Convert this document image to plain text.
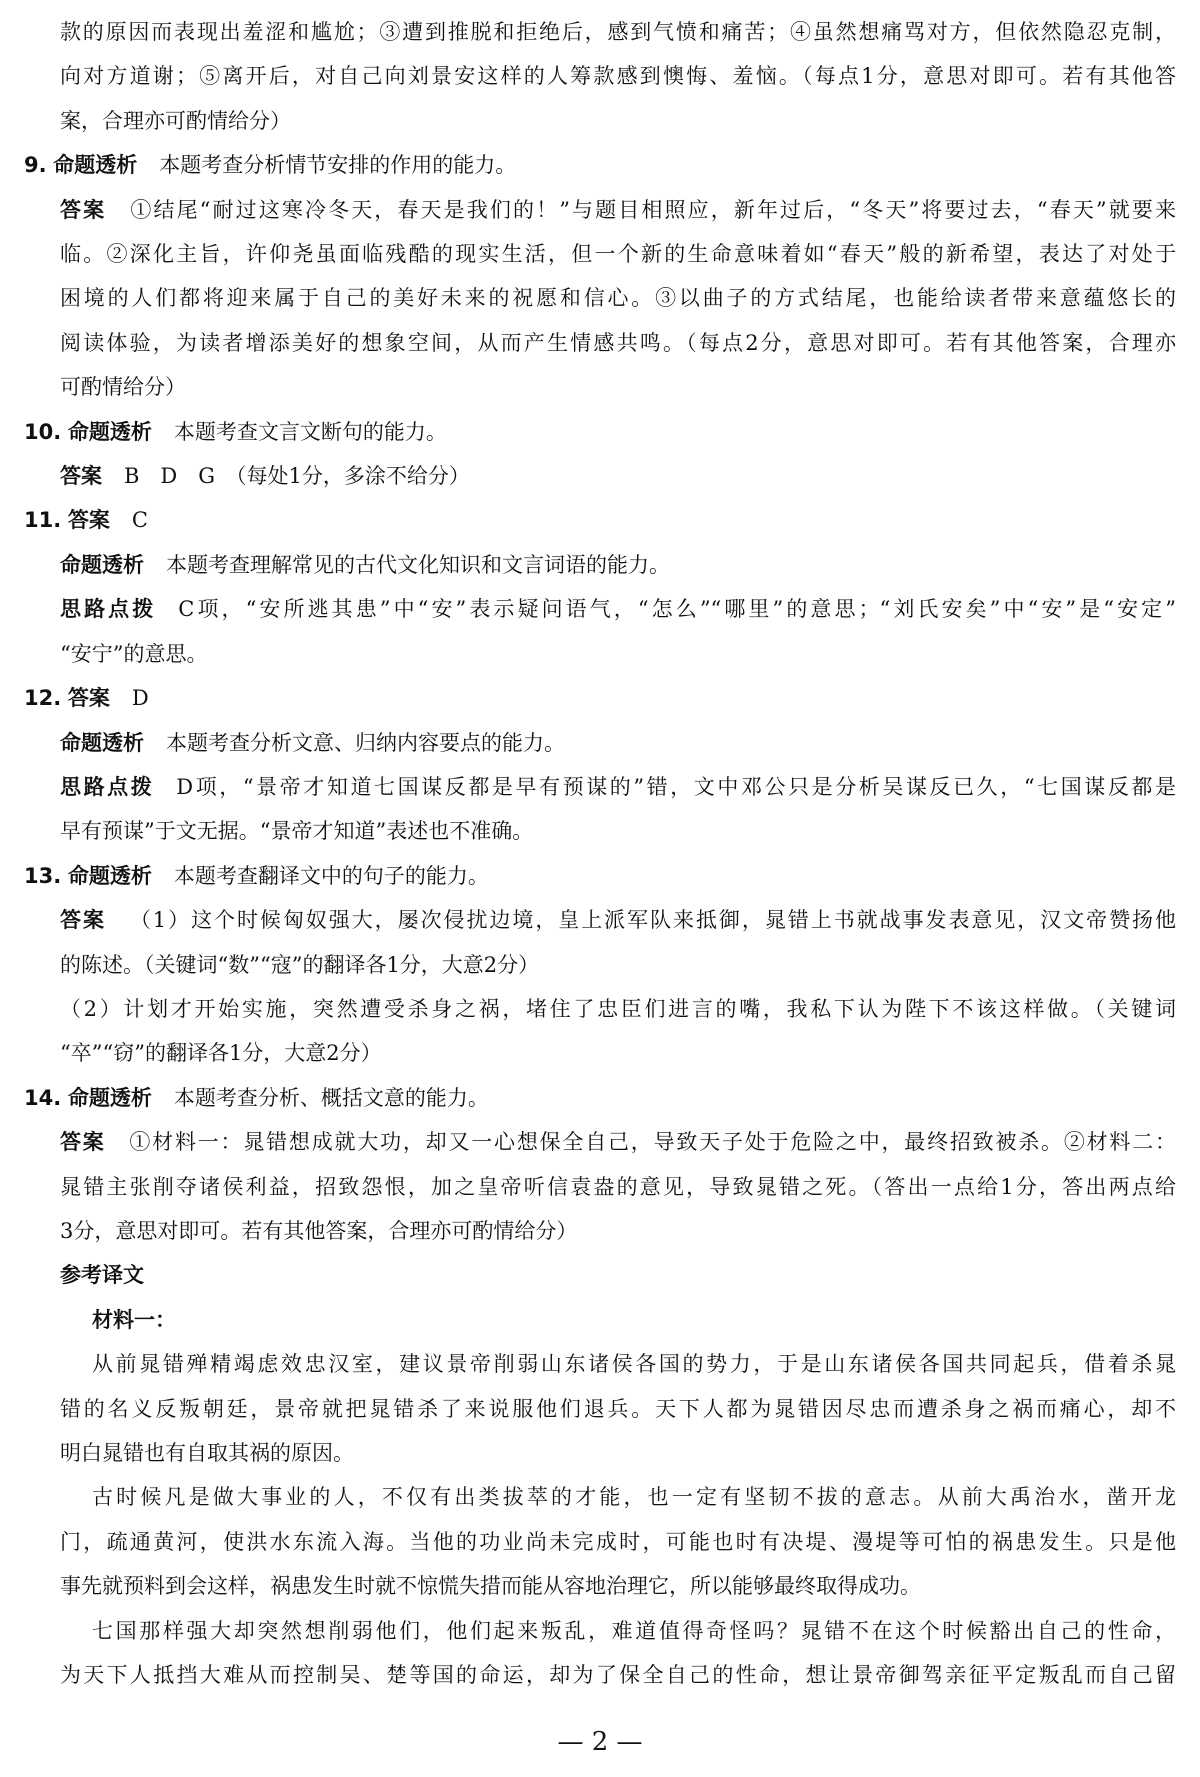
款的原因而表现出羞涩和尴尬；③遭到推脱和拒绝后，感到气愤和痛苦；④虽然想痛骂对方，但依然隐忍克制，
向对方道谢；⑤离开后，对自己向刘景安这样的人筹款感到懊悔、羞恼。（每点1分，意思对即可。若有其他答
案，合理亦可酌情给分）
9. 命题透析 本题考查分析情节安排的作用的能力。
答案 ①结尾“耐过这寒冷冬天，春天是我们的！”与题目相照应，新年过后，“冬天”将要过去，“春天”就要来
临。②深化主旨，许仰尧虽面临残酷的现实生活，但一个新的生命意味着如“春天”般的新希望，表达了对处于
困境的人们都将迎来属于自己的美好未来的祝愿和信心。③以曲子的方式结尾，也能给读者带来意蕴悠长的
阅读体验，为读者增添美好的想象空间，从而产生情感共鸣。（每点2分，意思对即可。若有其他答案，合理亦
可酌情给分）
10. 命题透析 本题考查文言文断句的能力。
答案 B　D　G　（每处1分，多涂不给分）
11. 答案 C
命题透析 本题考查理解常见的古代文化知识和文言词语的能力。
思路点拨 C项，“安所逃其患”中“安”表示疑问语气，“怎么”“哪里”的意思；“刘氏安矣”中“安”是“安定”
“安宁”的意思。
12. 答案 D
命题透析 本题考查分析文意、归纳内容要点的能力。
思路点拨 D项，“景帝才知道七国谋反都是早有预谋的”错，文中邓公只是分析吴谋反已久，“七国谋反都是
早有预谋”于文无据。“景帝才知道”表述也不准确。
13. 命题透析 本题考查翻译文中的句子的能力。
答案 （1）这个时候匈奴强大，屡次侵扰边境，皇上派军队来抵御，晁错上书就战事发表意见，汉文帝赞扬他
的陈述。（关键词“数”“寇”的翻译各1分，大意2分）
（2）计划才开始实施，突然遭受杀身之祸，堵住了忠臣们进言的嘴，我私下认为陛下不该这样做。（关键词
“卒”“窃”的翻译各1分，大意2分）
14. 命题透析 本题考查分析、概括文意的能力。
答案 ①材料一：晁错想成就大功，却又一心想保全自己，导致天子处于危险之中，最终招致被杀。②材料二：
晁错主张削夺诸侯利益，招致怨恨，加之皇帝听信袁盎的意见，导致晁错之死。（答出一点给1分，答出两点给
3分，意思对即可。若有其他答案，合理亦可酌情给分）
参考译文
材料一：
从前晁错殚精竭虑效忠汉室，建议景帝削弱山东诸侯各国的势力，于是山东诸侯各国共同起兵，借着杀晁
错的名义反叛朝廷，景帝就把晁错杀了来说服他们退兵。天下人都为晁错因尽忠而遭杀身之祸而痛心，却不
明白晁错也有自取其祸的原因。
古时候凡是做大事业的人，不仅有出类拔萃的才能，也一定有坚韧不拔的意志。从前大禹治水，凿开龙
门，疏通黄河，使洪水东流入海。当他的功业尚未完成时，可能也时有决堤、漫堤等可怕的祸患发生。只是他
事先就预料到会这样，祸患发生时就不惊慌失措而能从容地治理它，所以能够最终取得成功。
七国那样强大却突然想削弱他们，他们起来叛乱，难道值得奇怪吗？晁错不在这个时候豁出自己的性命，
为天下人抵挡大难从而控制吴、楚等国的命运，却为了保全自己的性命，想让景帝御驾亲征平定叛乱而自己留
— 2 —
